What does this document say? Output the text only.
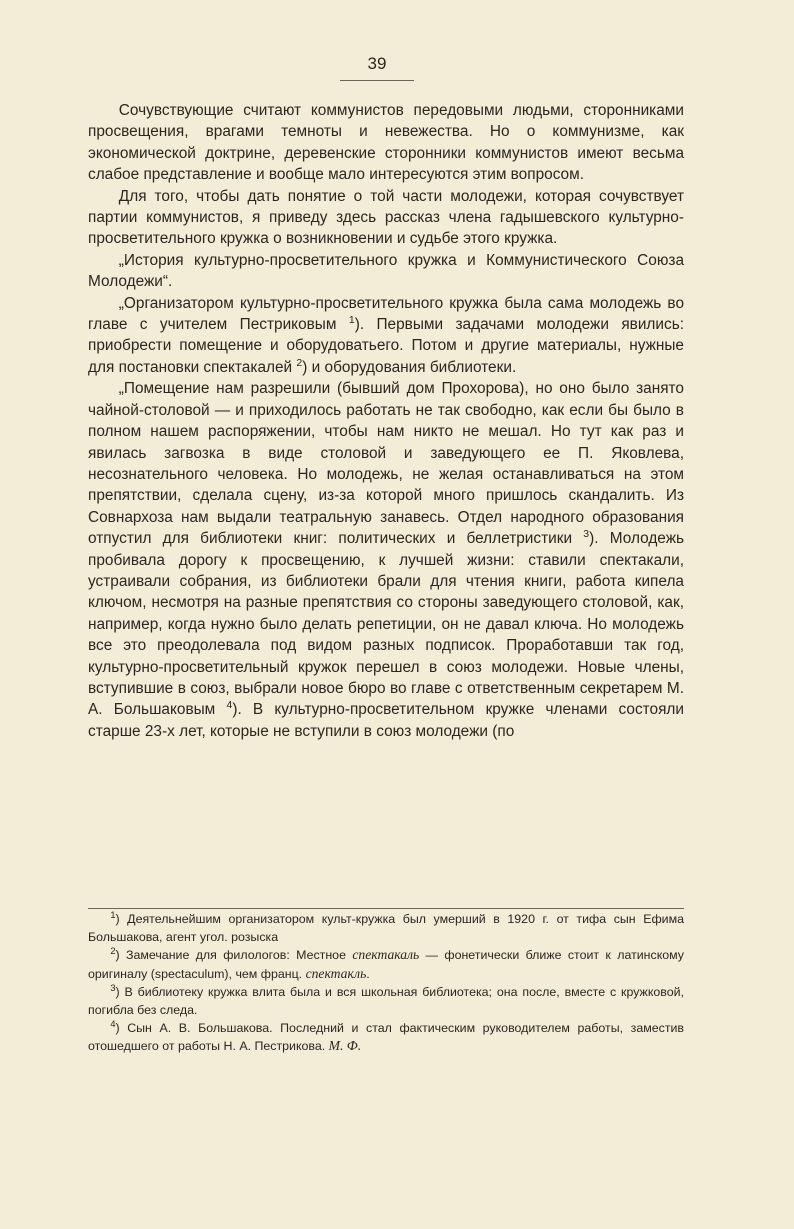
39

Сочувствующие считают коммунистов передовыми людьми, сторонниками просвещения, врагами темноты и невежества. Но о коммунизме, как экономической доктрине, деревенские сторонники коммунистов имеют весьма слабое представление и вообще мало интересуются этим вопросом.

Для того, чтобы дать понятие о той части молодежи, которая сочувствует партии коммунистов, я приведу здесь рассказ члена гадышевского культурно-просветительного кружка о возникновении и судьбе этого кружка.

„История культурно-просветительного кружка и Коммунистического Союза Молодежи“.

„Организатором культурно-просветительного кружка была сама молодежь во главе с учителем Пестриковым $^1$). Первыми задачами молодежи явились: приобрести помещение и оборудоватьего. Потом и другие материалы, нужные для постановки спектакалей $^2$) и оборудования библиотеки.

„Помещение нам разрешили (бывший дом Прохорова), но оно было занято чайной-столовой — и приходилось работать не так свободно, как если бы было в полном нашем распоряжении, чтобы нам никто не мешал. Но тут как раз и явилась загвозка в виде столовой и заведующего ее П. Яковлева, несознательного человека. Но молодежь, не желая останавливаться на этом препятствии, сделала сцену, из-за которой много пришлось скандалить. Из Совнархоза нам выдали театральную занавесь. Отдел народного образования отпустил для библиотеки книг: политических и беллетристики $^3$). Молодежь пробивала дорогу к просвещению, к лучшей жизни: ставили спектакали, устраивали собрания, из библиотеки брали для чтения книги, работа кипела ключом, несмотря на разные препятствия со стороны заведующего столовой, как, например, когда нужно было делать репетиции, он не давал ключа. Но молодежь все это преодолевала под видом разных подписок. Проработавши так год, культурно-просветительный кружок перешел в союз молодежи. Новые члены, вступившие в союз, выбрали новое бюро во главе с ответственным секретарем М. А. Большаковым $^4$). В культурно-просветительном кружке членами состояли старше 23-х лет, которые не вступили в союз молодежи (по

$^1$) Деятельнейшим организатором культ-кружка был умерший в 1920 г. от тифа сын Ефима Большакова, агент угол. розыска

$^2$) Замечание для филологов: Местное спектакаль — фонетически ближе стоит к латинскому оригиналу (spectaculum), чем франц. спектакль.

$^3$) В библиотеку кружка влита была и вся школьная библиотека; она после, вместе с кружковой, погибла без следа.

$^4$) Сын А. В. Большакова. Последний и стал фактическим руководителем работы, заместив отошедшего от работы Н. А. Пестрикова. М. Ф.
